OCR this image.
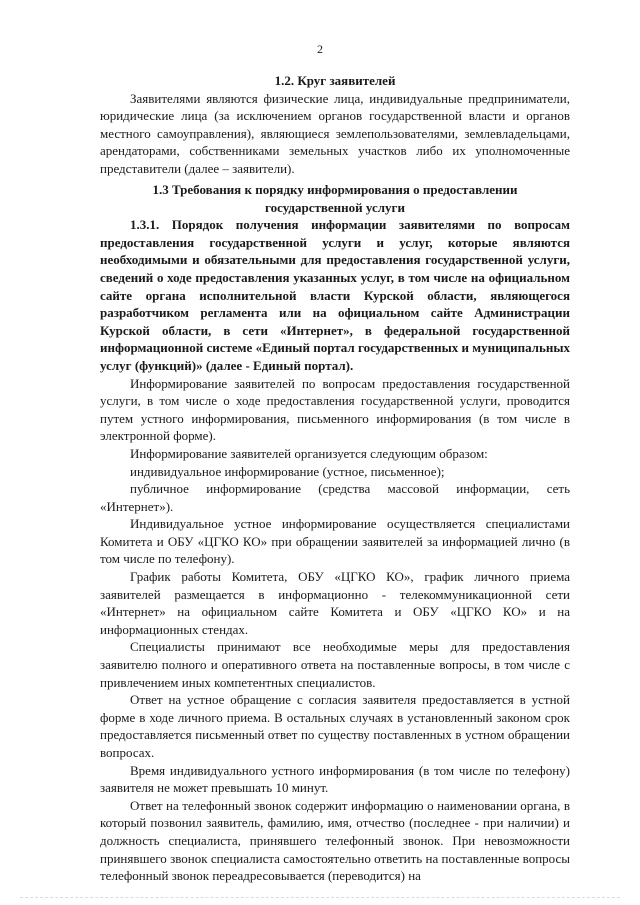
2
1.2. Круг заявителей

Заявителями являются физические лица, индивидуальные предприниматели, юридические лица (за исключением органов государственной власти и органов местного самоуправления), являющиеся землепользователями, землевладельцами, арендаторами, собственниками земельных участков либо их уполномоченные представители (далее – заявители).

1.3 Требования к порядку информирования о предоставлении
государственной услуги

1.3.1. Порядок получения информации заявителями по вопросам предоставления государственной услуги и услуг, которые являются необходимыми и обязательными для предоставления государственной услуги, сведений о ходе предоставления указанных услуг, в том числе на официальном сайте органа исполнительной власти Курской области, являющегося разработчиком регламента или на официальном сайте Администрации Курской области, в сети «Интернет», в федеральной государственной информационной системе «Единый портал государственных и муниципальных услуг (функций)» (далее - Единый портал).

Информирование заявителей по вопросам предоставления государственной услуги, в том числе о ходе предоставления государственной услуги, проводится путем устного информирования, письменного информирования (в том числе в электронной форме).

Информирование заявителей организуется следующим образом:

индивидуальное информирование (устное, письменное);

публичное информирование (средства массовой информации, сеть «Интернет»).

Индивидуальное устное информирование осуществляется специалистами Комитета и ОБУ «ЦГКО КО» при обращении заявителей за информацией лично (в том числе по телефону).

График работы Комитета, ОБУ «ЦГКО КО», график личного приема заявителей размещается в информационно - телекоммуникационной сети «Интернет» на официальном сайте Комитета и ОБУ «ЦГКО КО» и на информационных стендах.

Специалисты принимают все необходимые меры для предоставления заявителю полного и оперативного ответа на поставленные вопросы, в том числе с привлечением иных компетентных специалистов.

Ответ на устное обращение с согласия заявителя предоставляется в устной форме в ходе личного приема. В остальных случаях в установленный законом срок предоставляется письменный ответ по существу поставленных в устном обращении вопросах.

Время индивидуального устного информирования (в том числе по телефону) заявителя не может превышать 10 минут.

Ответ на телефонный звонок содержит информацию о наименовании органа, в который позвонил заявитель, фамилию, имя, отчество (последнее - при наличии) и должность специалиста, принявшего телефонный звонок. При невозможности принявшего звонок специалиста самостоятельно ответить на поставленные вопросы телефонный звонок переадресовывается (переводится) на
